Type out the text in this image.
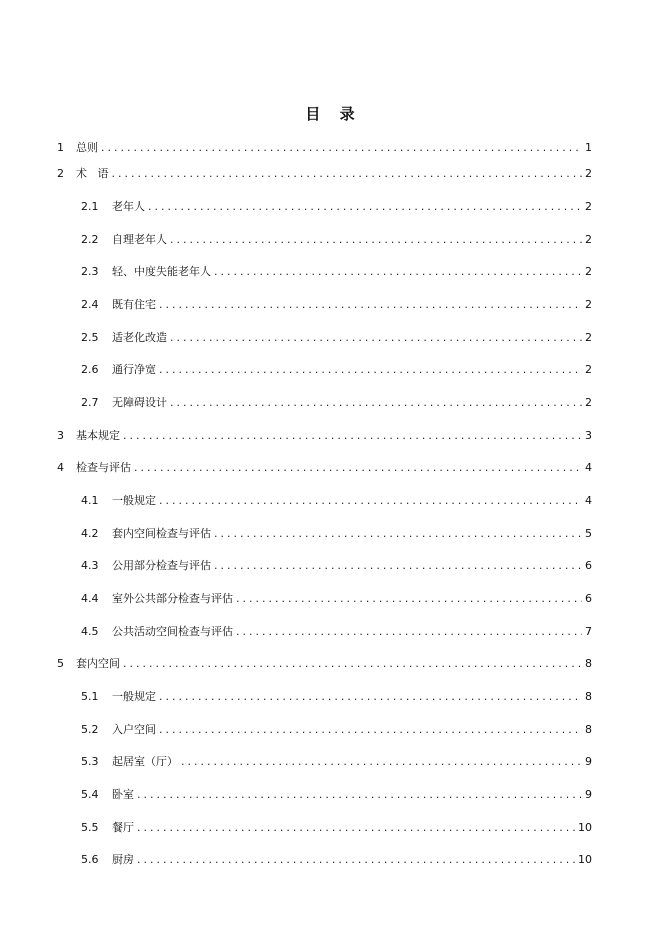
目 录
1	总则 .....	1
2	术   语 .....	2
2.1	老年人 .....	2
2.2	自理老年人 .....	2
2.3	轻、中度失能老年人 .....	2
2.4	既有住宅 .....	2
2.5	适老化改造 .....	2
2.6	通行净宽 .....	2
2.7	无障碍设计 .....	2
3	基本规定 .....	3
4	检查与评估 .....	4
4.1	一般规定 .....	4
4.2	套内空间检查与评估 .....	5
4.3	公用部分检查与评估 .....	6
4.4	室外公共部分检查与评估 .....	6
4.5	公共活动空间检查与评估 .....	7
5	套内空间 .....	8
5.1	一般规定 .....	8
5.2	入户空间 .....	8
5.3	起居室（厅） .....	9
5.4	卧室 .....	9
5.5	餐厅 .....	10
5.6	厨房 .....	10
